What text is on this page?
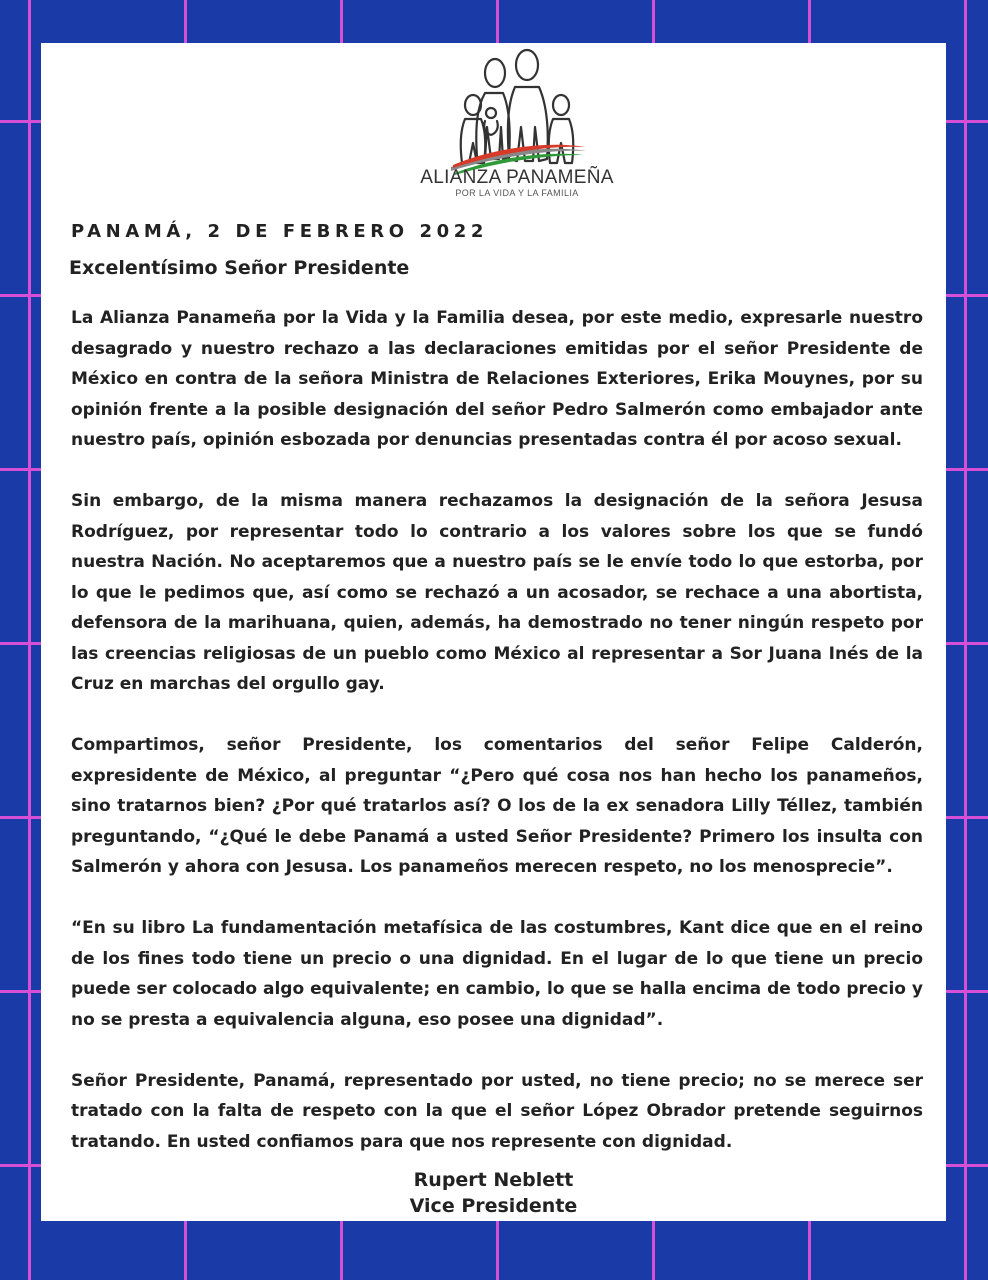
ALIANZA PANAMEÑA
POR LA VIDA Y LA FAMILIA
PANAMÁ, 2 DE FEBRERO 2022
Excelentísimo Señor Presidente

La Alianza Panameña por la Vida y la Familia desea, por este medio, expresarle nuestro desagrado y nuestro rechazo a las declaraciones emitidas por el señor Presidente de México en contra de la señora Ministra de Relaciones Exteriores, Erika Mouynes, por su opinión frente a la posible designación del señor Pedro Salmerón como embajador ante nuestro país, opinión esbozada por denuncias presentadas contra él por acoso sexual.

Sin embargo, de la misma manera rechazamos la designación de la señora Jesusa Rodríguez, por representar todo lo contrario a los valores sobre los que se fundó nuestra Nación. No aceptaremos que a nuestro país se le envíe todo lo que estorba, por lo que le pedimos que, así como se rechazó a un acosador, se rechace a una abortista, defensora de la marihuana, quien, además, ha demostrado no tener ningún respeto por las creencias religiosas de un pueblo como México al representar a Sor Juana Inés de la Cruz en marchas del orgullo gay.

Compartimos, señor Presidente, los comentarios del señor Felipe Calderón, expresidente de México, al preguntar “¿Pero qué cosa nos han hecho los panameños, sino tratarnos bien? ¿Por qué tratarlos así? O los de la ex senadora Lilly Téllez, también preguntando, “¿Qué le debe Panamá a usted Señor Presidente? Primero los insulta con Salmerón y ahora con Jesusa. Los panameños merecen respeto, no los menosprecie”.

“En su libro La fundamentación metafísica de las costumbres, Kant dice que en el reino de los fines todo tiene un precio o una dignidad. En el lugar de lo que tiene un precio puede ser colocado algo equivalente; en cambio, lo que se halla encima de todo precio y no se presta a equivalencia alguna, eso posee una dignidad”.

Señor Presidente, Panamá, representado por usted, no tiene precio; no se merece ser tratado con la falta de respeto con la que el señor López Obrador pretende seguirnos tratando. En usted confiamos para que nos represente con dignidad.

Rupert Neblett
Vice Presidente
